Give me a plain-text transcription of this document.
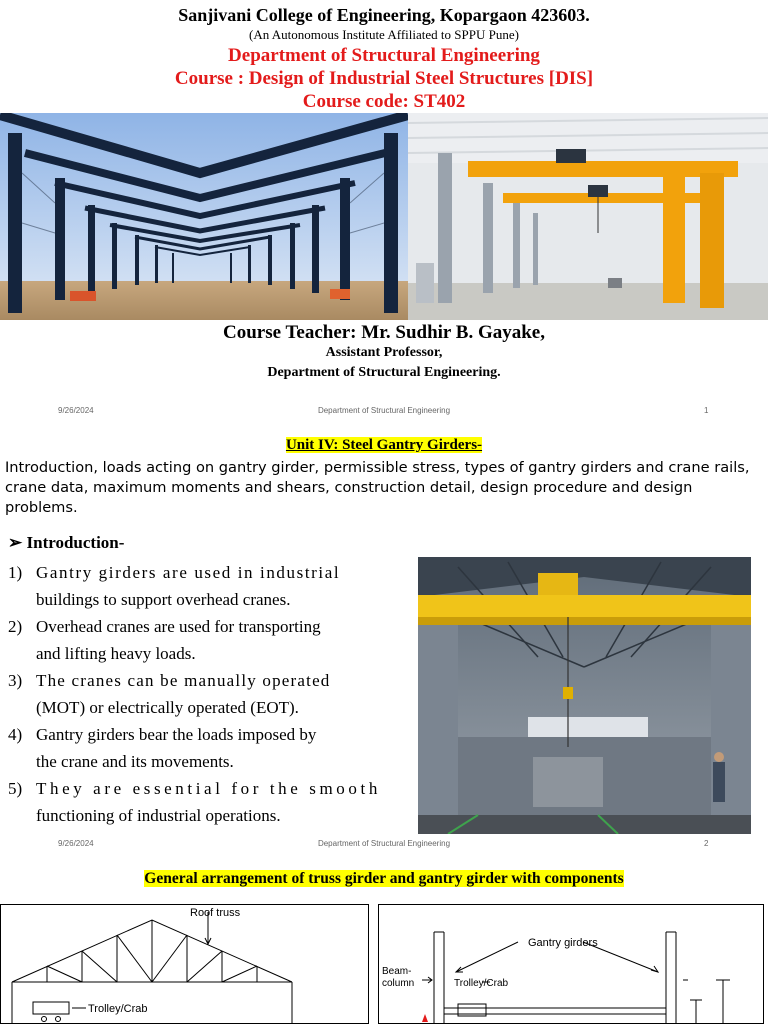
Sanjivani College of Engineering, Kopargaon 423603.
(An Autonomous Institute Affiliated to SPPU Pune)
Department of Structural Engineering
Course : Design of Industrial Steel Structures [DIS]
Course code: ST402
Course Teacher: Mr. Sudhir B. Gayake,
Assistant Professor,
Department of Structural Engineering.
9/26/2024	Department of Structural Engineering	1
Unit IV: Steel Gantry Girders-
Introduction, loads acting on gantry girder, permissible stress, types of gantry girders and crane rails, crane data, maximum moments and shears, construction detail, design procedure and design problems.
➢ Introduction-
1) Gantry girders are used in industrial
buildings to support overhead cranes.
2) Overhead cranes are used for transporting
and lifting heavy loads.
3) The cranes can be manually operated
(MOT) or electrically operated (EOT).
4) Gantry girders bear the loads imposed by
the crane and its movements.
5) They are essential for the smooth
functioning of industrial operations.
9/26/2024	Department of Structural Engineering	2
General arrangement of truss girder and gantry girder with components
Roof truss
Trolley/Crab
Gantry girders
Beam- column	Trolley/Crab
